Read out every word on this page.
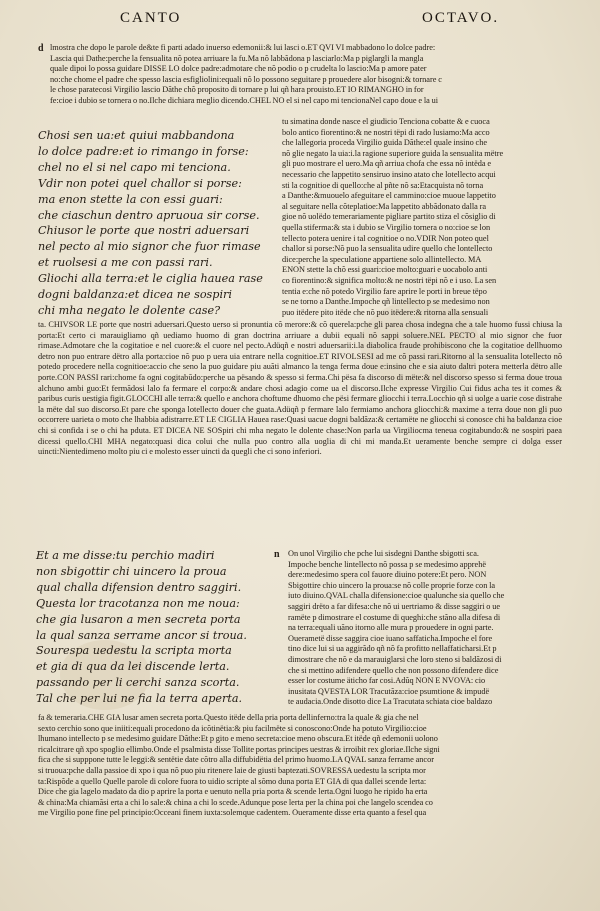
CANTO	OCTAVO.
d lmostra che dopo le parole de&te fi parti adado inuerso edemonii:& lui lasci o.ET QVI VI mabbadono lo dolce padre:

Lascia qui Dathe:perche la fensualita nõ potea arriuare la fu.Ma nõ labbãdona p lasciarlo:Ma p piglargli la mangla

quale dipoi lo possa guidare DISSE LO dolce padre:admotare che nõ podio o p crudelta lo lascio:Ma p amore pater

no:che chome el padre che spesso lascia esfigliolini:equali nõ lo possono seguitare p prouedere alor bisogni:& tornare c

le chose paratecosi Virgilio lascio Dãthe chõ proposito di tornare p lui qñ hara prouisto.ET IO RIMANGHO in for

fe:cioe i dubio se tornera o no.Ilche dichiara meglio dicendo.CHEL NO el si nel capo mi tencionaNel capo doue e la ui

Chosi sen ua:et quiui mabbandona
lo dolce padre:et io rimango in forse:
chel no el si nel capo mi tenciona.
Vdir non potei quel challor si porse:
ma enon stette la con essi guari:
che ciaschun dentro apruoua sir corse.
Chiusor le porte que nostri aduersari
nel pecto al mio signor che fuor rimase
et ruolsesi a me con passi rari.
Gliochi alla terra:et le ciglia hauea rase
dogni baldanza:et dicea ne sospiri
chi mha negato le dolente case?

tu simatina donde nasce el giudicio Tenciona cobatte & e cuoca

bolo antico fiorentino:& ne nostri tëpi di rado lusiamo:Ma acco

che lallegoria proceda Virgilio guida Dãthe:el quale insino che

nõ glie negato la uia:i.la ragione superiore guida la sensualita mëtre

gli puo mostrare el uero.Ma qñ arriua chofa che essa nõ intëda e

necessario che lappetito sensiruo insino atato che lotellecto acqui

sti la cognitioe di quello:che al pñte nõ sa:Etacquista nõ torna

a Danthe:&muouelo afeguitare el cammino:cioe muoue lappetito

al seguitare nella cõteplatioe:Ma lappetito abbãdonato dalla ra

gioe nõ uolëdo temerariamente pigliare partito stiza el cõsiglio di

quella stiferma:& sta i dubio se Virgilio tornera o no:cioe se lon

tellecto potera uenire i tal cognitioe o no.VDIR Non poteo quel

challor si porse:Nõ puo la sensualita udire quello che lontellecto

dice:perche la speculatione appartiene solo allintellecto. MA

ENON stette la chõ essi guari:cioe molto:guari e uocabolo anti

co fiorentino:& significa molto:& ne nostri tëpi nõ e i uso. La sen

tentia e:che nõ potedo Virgilio fare aprire le porti in breue tëpo

se ne torno a Danthe.Impoche qñ lintellecto p se medesimo non

puo itëdere pito itëde che nõ puo itëdere:& ritorna alla sensuali

ta. CHIVSOR LE porte que nostri aduersari.Questo uerso si pronuntia cõ merore:& cõ querela:pche gli parea chosa indegna che a tale huomo fussi chiusa la porta:Et certo ci marauigliamo qñ uediamo huomo di gran doctrina arriuare a dubii equali nõ sappi soluere.NEL PECTO al mio signor che fuor rimase.Admotare che la cogitatioe e nel cuore:& el cuore nel pecto.Adüqñ e nostri aduersarii:i.la diabolica fraude prohibiscono che la cogitatioe dellhuomo detro non puo entrare dëtro alla porta:cioe nõ puo p uera uia entrare nella cognitioe.ET RIVOLSESI ad me cõ passi rari.Ritorno al la sensualita lotellecto nõ potedo procedere nella cognitioe:accio che seno la puo guidare piu auãti almanco la tenga ferma doue e:insino che e sia aiuto daltri potera metterla dëtro alle porte.CON PASSI rari:chome fa ogni cogitabūdo:perche ua pësando & spesso si ferma.Chi pësa fa discorso di mëte:& nel discorso spesso si ferma doue troua alchuno ambi guo:Et fermãdosi lalo fa fermare el corpo:& andare chosi adagio come ua el discorso.Ilche expresse Virgilio Cui fidus acha tes it comes & paribus curis uestigia figit.GLOCCHI alle terra:& quello e anchora choftume dhuomo che pësi fermare gliocchi i terra.Locchio qñ si uolge a uarie cose distrahe la mëte dal suo discorso.Et pare che sponga lotellecto douer che guata.Adüqñ p fermare lalo fermiamo anchora gliocchi:& maxime a terra doue non gli puo occorrere uarieta o moto che lhabbia adistrarre.ET LE CIGLIA Hauea rase:Quasi uacue dogni baldãza:& certamëte ne gliocchi si conosce chi ha baldanza cioe chi si confida i se o chi ha pduta. ET DICEA NE SOSpiri chi mha negato le dolente chase:Non parla ua Virgiliocma teneua cogitabundo:& ne sospiri paea dicessi quello.CHI MHA negato:quasi dica colui che nulla puo contro alla uoglia di chi mi manda.Et ueramente benche sempre ci dolga esser uincti:Nientedimeno molto piu ci e molesto esser uincti da quegli che ci sono inferiori.

Et a me disse:tu perchio madiri
non sbigottir chi uincero la proua
qual challa difension dentro saggiri.
Questa lor tracotanza non me noua:
che gia lusaron a men secreta porta
la qual sanza serrame ancor si troua.
Sourespa uedestu la scripta morta
et gia di qua da lei discende lerta.
passando per li cerchi sanza scorta.
Tal che per lui ne fia la terra aperta.
n On unol Virgilio che pche lui sisdegni Danthe sbigotti sca.

Impoche benche lintellecto nõ possa p se medesimo apprehë

dere:medesimo spera col fauore diuino potere:Et pero. NON

Sbigottire chio uincero la proua:se nõ colle proprie forze con la

iuto diuino.QVAL challa difensione:cioe qualunche sia quello che

saggiri drëto a far difesa:che nõ ui uertriamo & disse saggiri o ue

ramëte p dimostrare el costume di queghi:che stãno alla difesa di

na terra:equali uãno itorno alle mura p prouedere in ogni parte.

Ouerametë disse saggira cioe iuano saffaticha.Impoche el fore

tino dice lui si ua aggirãdo qñ nõ fa profitto nellaffaticharsi.Et p

dimostrare che nõ e da marauiglarsi che loro steno si baldãzosi di

che si mettino adifendere quello che non possono difendere dice

esser lor costume äticho far cosi.Adũq NON E NVOVA: cio

inusitata QVESTA LOR Tracutãza:cioe psumtione & impudë

te audacia.Onde disotto dice La Tracutata schiata cioe baldazo

fa & temeraria.CHE GIA lusar amen secreta porta.Questo itëde della pria porta dellinferno:tra la quale & gia che nel

sexto cerchio sono que iniiti:equali procedono da icõtinëtia:& piu facilmëte si conoscono:Onde ha potuto Virgilio:cioe

lhumano intellecto p se medesimo guidare Dãthe:Et p gito e meno secreta:cioe meno obscura.Et itëde qñ edemonii uolono

ricalcitrare qñ xpo spoglio ellimbo.Onde el psalmista disse Tollite portas principes uestras & irroibit rex gloriae.Ilche signi

fica che si supppone tutte le leggi:& sentëtie date cõtro alla diffubidëtia del primo huomo.LA QVAL sanza ferrame ancor

si truoua:pche dalla passioe di xpo i qua nõ puo piu ritenere laie de giusti baptezati.SOVRESSA uedestu la scripta mor

ta:Rispõde a quello Quelle parole di colore fuora to uidio scripte al sõmo duna porta ET GIA di qua dallei scende lerta:

Dice che gia lagelo madato da dio p aprire la porta e uenuto nella pria porta & scende lerta.Ogni luogo he ripido ha erta

& china:Ma chiamãsi erta a chi lo sale:& china a chi lo scede.Adunque pose lerta per la china poi che langelo scendea co

me Virgilio pone fine pel principio:Occeani finem iuxta:solemque cadentem. Oueramente disse erta quanto a fesel qua
